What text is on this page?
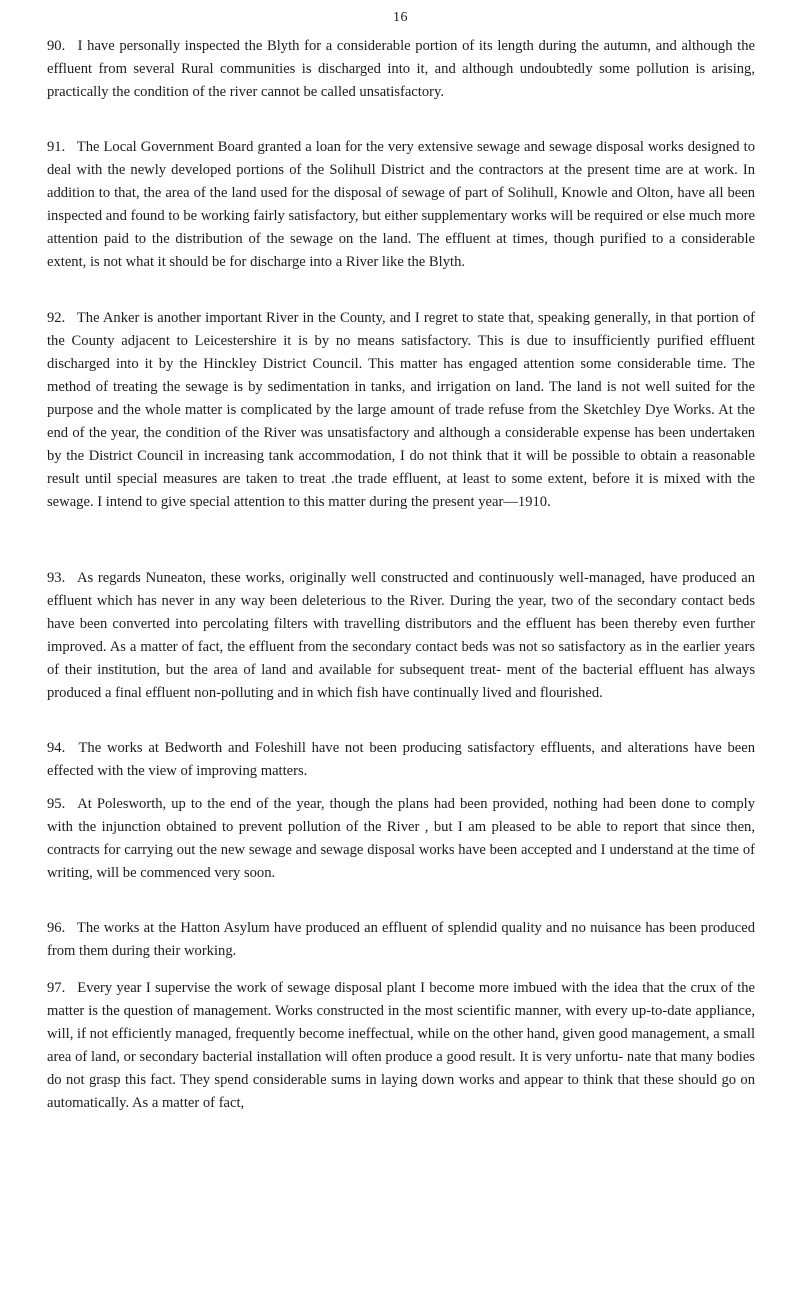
16

90. I have personally inspected the Blyth for a considerable portion of its length during the autumn, and although the effluent from several Rural communities is discharged into it, and although undoubtedly some pollution is arising, practically the condition of the river cannot be called unsatisfactory.

91. The Local Government Board granted a loan for the very extensive sewage and sewage disposal works designed to deal with the newly developed portions of the Solihull District and the contractors at the present time are at work. In addition to that, the area of the land used for the disposal of sewage of part of Solihull, Knowle and Olton, have all been inspected and found to be working fairly satisfactory, but either supplementary works will be required or else much more attention paid to the distribution of the sewage on the land. The effluent at times, though purified to a considerable extent, is not what it should be for discharge into a River like the Blyth.

92. The Anker is another important River in the County, and I regret to state that, speaking generally, in that portion of the County adjacent to Leicestershire it is by no means satisfactory. This is due to insufficiently purified effluent discharged into it by the Hinckley District Council. This matter has engaged attention some considerable time. The method of treating the sewage is by sedimentation in tanks, and irrigation on land. The land is not well suited for the purpose and the whole matter is complicated by the large amount of trade refuse from the Sketchley Dye Works. At the end of the year, the condition of the River was unsatisfactory and although a considerable expense has been undertaken by the District Council in increasing tank accommodation, I do not think that it will be possible to obtain a reasonable result until special measures are taken to treat .the trade effluent, at least to some extent, before it is mixed with the sewage. I intend to give special attention to this matter during the present year—1910.

93. As regards Nuneaton, these works, originally well constructed and continuously well-managed, have produced an effluent which has never in any way been deleterious to the River. During the year, two of the secondary contact beds have been converted into percolating filters with travelling distributors and the effluent has been thereby even further improved. As a matter of fact, the effluent from the secondary contact beds was not so satisfactory as in the earlier years of their institution, but the area of land and available for subsequent treat- ment of the bacterial effluent has always produced a final effluent non-polluting and in which fish have continually lived and flourished.

94. The works at Bedworth and Foleshill have not been producing satisfactory effluents, and alterations have been effected with the view of improving matters.

95. At Polesworth, up to the end of the year, though the plans had been provided, nothing had been done to comply with the injunction obtained to prevent pollution of the River , but I am pleased to be able to report that since then, contracts for carrying out the new sewage and sewage disposal works have been accepted and I understand at the time of writing, will be commenced very soon.

96. The works at the Hatton Asylum have produced an effluent of splendid quality and no nuisance has been produced from them during their working.

97. Every year I supervise the work of sewage disposal plant I become more imbued with the idea that the crux of the matter is the question of management. Works constructed in the most scientific manner, with every up-to-date appliance, will, if not efficiently managed, frequently become ineffectual, while on the other hand, given good management, a small area of land, or secondary bacterial installation will often produce a good result. It is very unfortu- nate that many bodies do not grasp this fact. They spend considerable sums in laying down works and appear to think that these should go on automatically. As a matter of fact,
